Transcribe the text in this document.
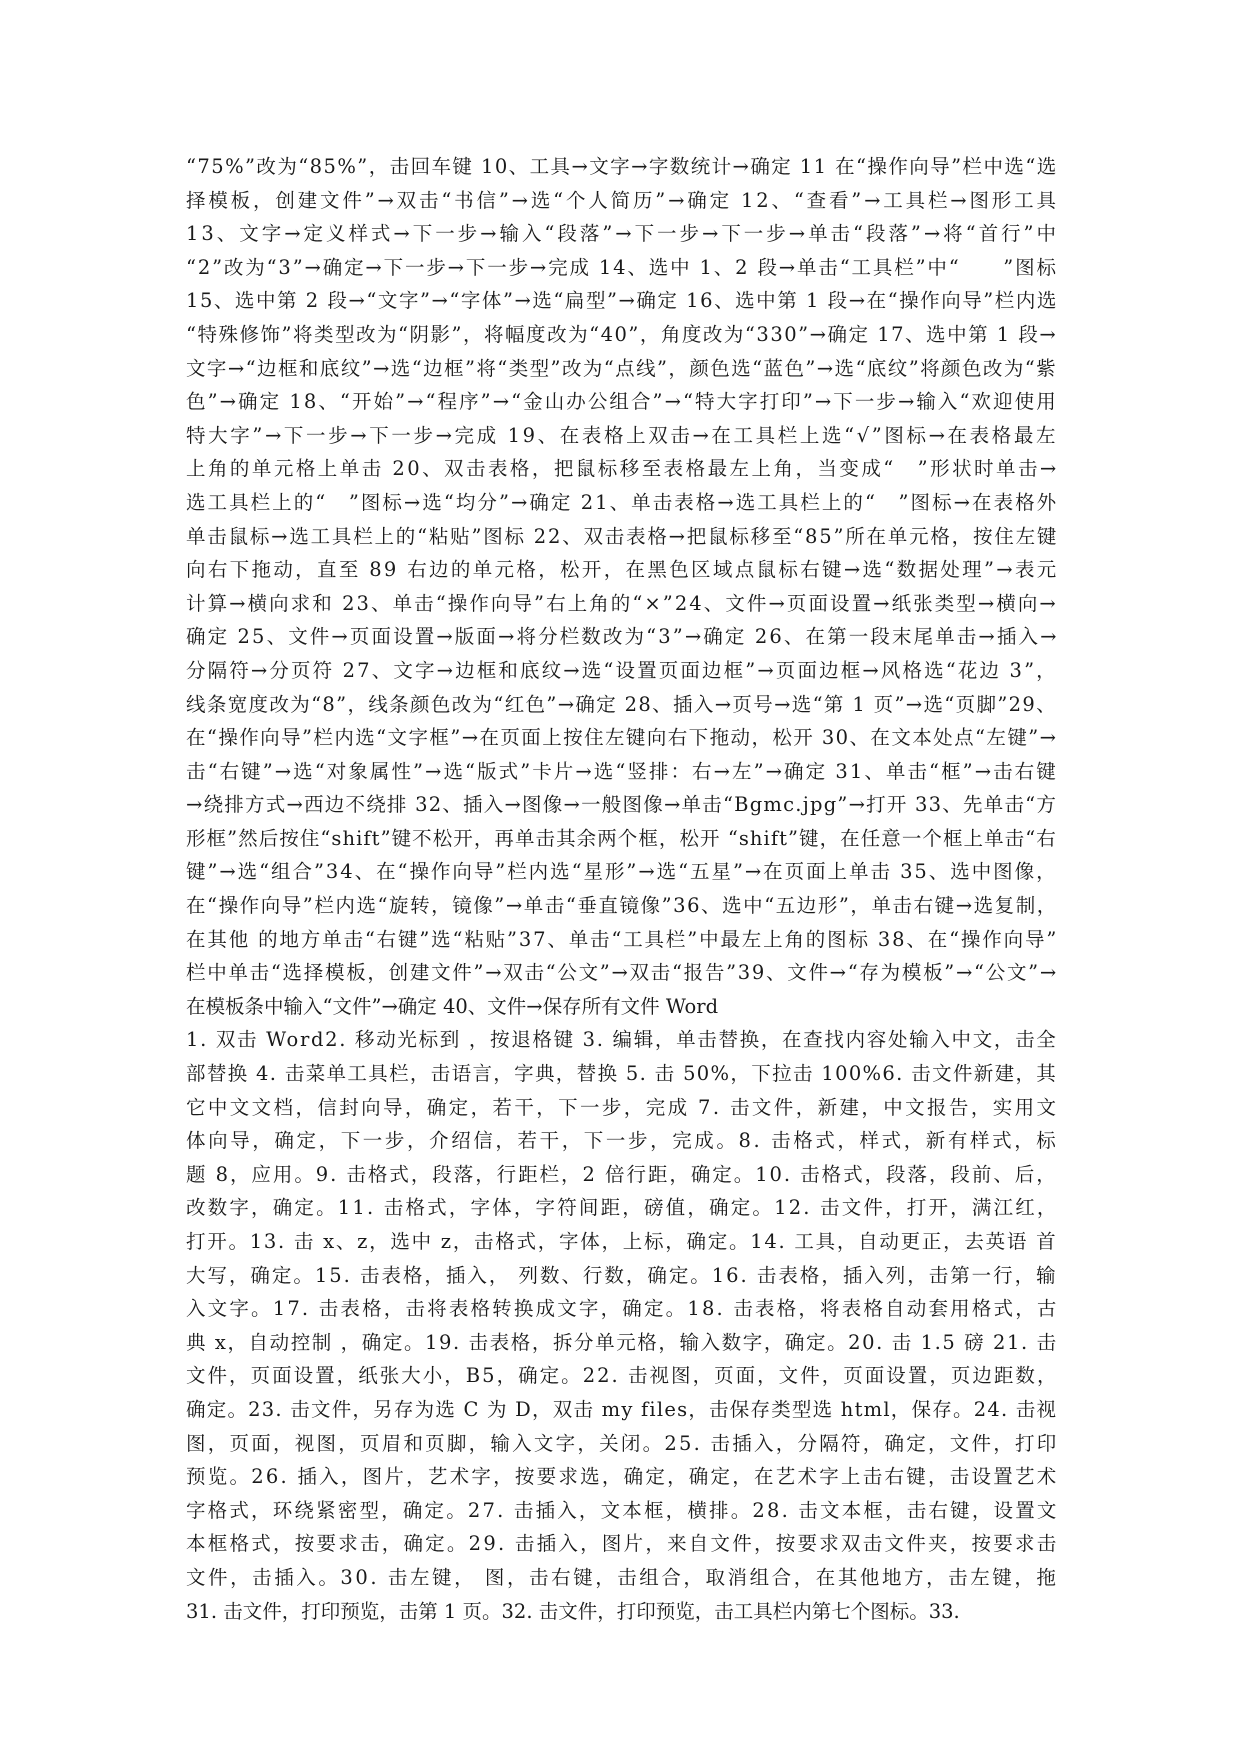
“75%”改为“85%”，击回车键 10、工具→文字→字数统计→确定 11 在“操作向导”栏中选“选
择模板，创建文件”→双击“书信”→选“个人简历”→确定 12、“查看”→工具栏→图形工具
13、文字→定义样式→下一步→输入“段落”→下一步→下一步→单击“段落”→将“首行”中
“2”改为“3”→确定→下一步→下一步→完成 14、选中 1、2 段→单击“工具栏”中“　　”图标
15、选中第 2 段→“文字”→“字体”→选“扁型”→确定 16、选中第 1 段→在“操作向导”栏内选
“特殊修饰”将类型改为“阴影”，将幅度改为“40”，角度改为“330”→确定 17、选中第 1 段→
文字→“边框和底纹”→选“边框”将“类型”改为“点线”，颜色选“蓝色”→选“底纹”将颜色改为“紫
色”→确定 18、“开始”→“程序”→“金山办公组合”→“特大字打印”→下一步→输入“欢迎使用
特大字”→下一步→下一步→完成 19、在表格上双击→在工具栏上选“√”图标→在表格最左
上角的单元格上单击 20、双击表格，把鼠标移至表格最左上角，当变成“　”形状时单击→
选工具栏上的“　”图标→选“均分”→确定 21、单击表格→选工具栏上的“　”图标→在表格外
单击鼠标→选工具栏上的“粘贴”图标 22、双击表格→把鼠标移至“85”所在单元格，按住左键
向右下拖动，直至 89 右边的单元格，松开，在黑色区域点鼠标右键→选“数据处理”→表元
计算→横向求和 23、单击“操作向导”右上角的“×”24、文件→页面设置→纸张类型→横向→
确定 25、文件→页面设置→版面→将分栏数改为“3”→确定 26、在第一段末尾单击→插入→
分隔符→分页符 27、文字→边框和底纹→选“设置页面边框”→页面边框→风格选“花边 3”，
线条宽度改为“8”，线条颜色改为“红色”→确定 28、插入→页号→选“第 1 页”→选“页脚”29、
在“操作向导”栏内选“文字框”→在页面上按住左键向右下拖动，松开 30、在文本处点“左键”→
击“右键”→选“对象属性”→选“版式”卡片→选“竖排：右→左”→确定 31、单击“框”→击右键
→绕排方式→西边不绕排 32、插入→图像→一般图像→单击“Bgmc.jpg”→打开 33、先单击“方
形框”然后按住“shift”键不松开，再单击其余两个框，松开 “shift”键，在任意一个框上单击“右
键”→选“组合”34、在“操作向导”栏内选“星形”→选“五星”→在页面上单击 35、选中图像，
在“操作向导”栏内选“旋转，镜像”→单击“垂直镜像”36、选中“五边形”，单击右键→选复制，
在其他 的地方单击“右键”选“粘贴”37、单击“工具栏”中最左上角的图标 38、在“操作向导”
栏中单击“选择模板，创建文件”→双击“公文”→双击“报告”39、文件→“存为模板”→“公文”→
在模板条中输入“文件”→确定 40、文件→保存所有文件 Word
1. 双击 Word2. 移动光标到 ，按退格键 3. 编辑，单击替换，在查找内容处输入中文，击全
部替换 4. 击菜单工具栏，击语言，字典，替换 5. 击 50%，下拉击 100%6. 击文件新建，其
它中文文档，信封向导，确定，若干，下一步，完成 7. 击文件，新建，中文报告，实用文
体向导，确定，下一步，介绍信，若干，下一步，完成。8. 击格式，样式，新有样式，标
题 8，应用。9. 击格式，段落，行距栏，2 倍行距，确定。10. 击格式，段落，段前、后，
改数字，确定。11. 击格式，字体，字符间距，磅值，确定。12. 击文件，打开，满江红，
打开。13. 击 x、z，选中 z，击格式，字体，上标，确定。14. 工具，自动更正，去英语 首
大写，确定。15. 击表格，插入， 列数、行数，确定。16. 击表格，插入列，击第一行，输
入文字。17. 击表格，击将表格转换成文字，确定。18. 击表格，将表格自动套用格式，古
典 x，自动控制 ，确定。19. 击表格，拆分单元格，输入数字，确定。20. 击 1.5 磅 21. 击
文件，页面设置，纸张大小，B5，确定。22. 击视图，页面，文件，页面设置，页边距数，
确定。23. 击文件，另存为选 C 为 D，双击 my files，击保存类型选 html，保存。24. 击视
图，页面，视图，页眉和页脚，输入文字，关闭。25. 击插入，分隔符，确定，文件，打印
预览。26. 插入，图片，艺术字，按要求选，确定，确定，在艺术字上击右键，击设置艺术
字格式，环绕紧密型，确定。27. 击插入，文本框，横排。28. 击文本框，击右键，设置文
本框格式，按要求击，确定。29. 击插入，图片，来自文件，按要求双击文件夹，按要求击
文件，击插入。30. 击左键， 图，击右键，击组合，取消组合，在其他地方，击左键，拖
31. 击文件，打印预览，击第 1 页。32. 击文件，打印预览，击工具栏内第七个图标。33.
